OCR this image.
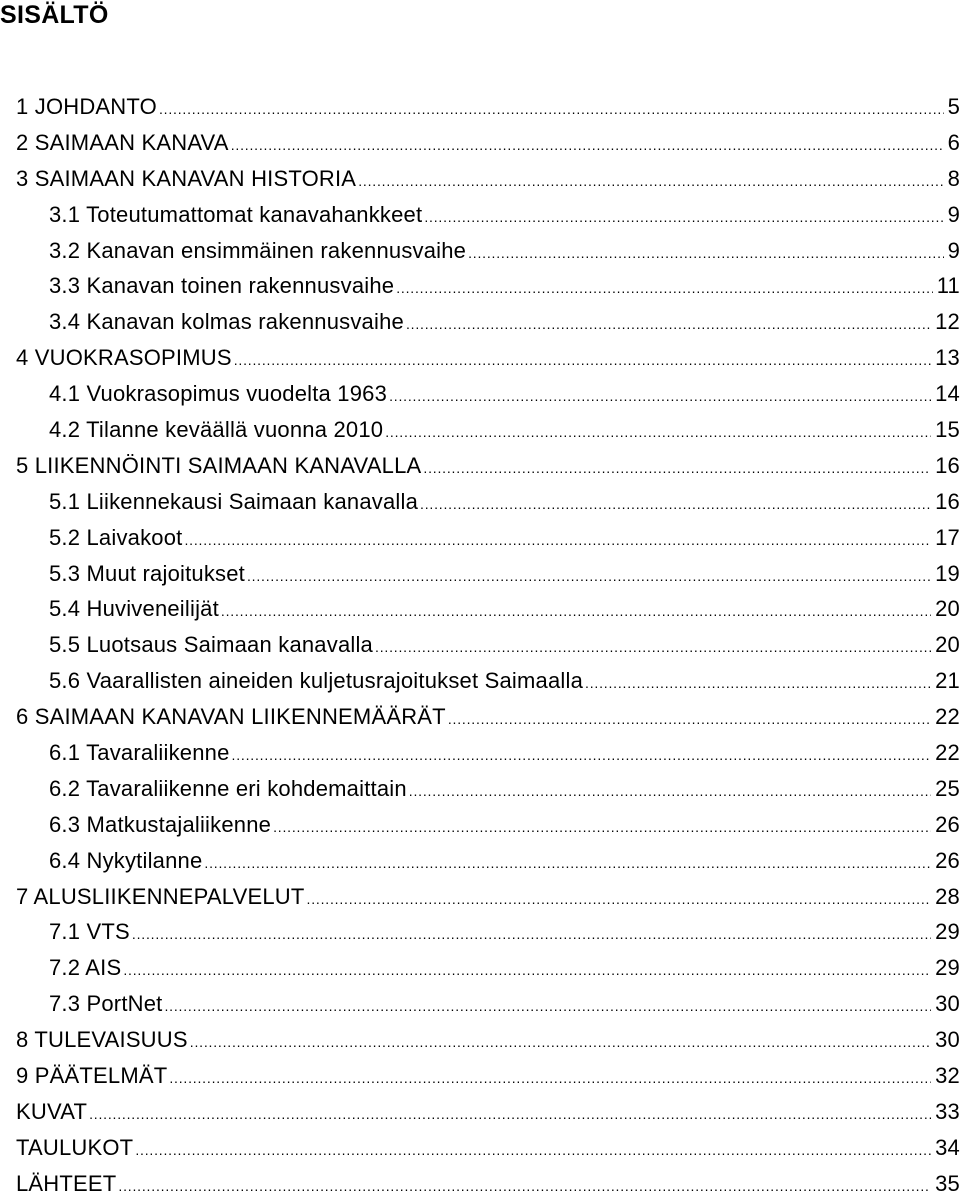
SISÄLTÖ
1 JOHDANTO .....	5
2 SAIMAAN KANAVA .....	6
3 SAIMAAN KANAVAN HISTORIA .....	8
3.1 Toteutumattomat kanavahankkeet .....	9
3.2 Kanavan ensimmäinen rakennusvaihe .....	9
3.3 Kanavan toinen rakennusvaihe .....	11
3.4 Kanavan kolmas rakennusvaihe .....	12
4 VUOKRASOPIMUS .....	13
4.1 Vuokrasopimus vuodelta 1963 .....	14
4.2 Tilanne keväällä vuonna 2010 .....	15
5 LIIKENNÖINTI SAIMAAN KANAVALLA .....	16
5.1 Liikennekausi Saimaan kanavalla .....	16
5.2 Laivakoot .....	17
5.3 Muut rajoitukset .....	19
5.4 Huviveneilijät .....	20
5.5 Luotsaus Saimaan kanavalla .....	20
5.6 Vaarallisten aineiden kuljetusrajoitukset Saimaalla .....	21
6 SAIMAAN KANAVAN LIIKENNEMÄÄRÄT .....	22
6.1 Tavaraliikenne .....	22
6.2 Tavaraliikenne eri kohdemaittain .....	25
6.3 Matkustajaliikenne .....	26
6.4 Nykytilanne .....	26
7 ALUSLIIKENNEPALVELUT .....	28
7.1 VTS .....	29
7.2 AIS .....	29
7.3 PortNet .....	30
8 TULEVAISUUS .....	30
9 PÄÄTELMÄT .....	32
KUVAT .....	33
TAULUKOT .....	34
LÄHTEET .....	35
